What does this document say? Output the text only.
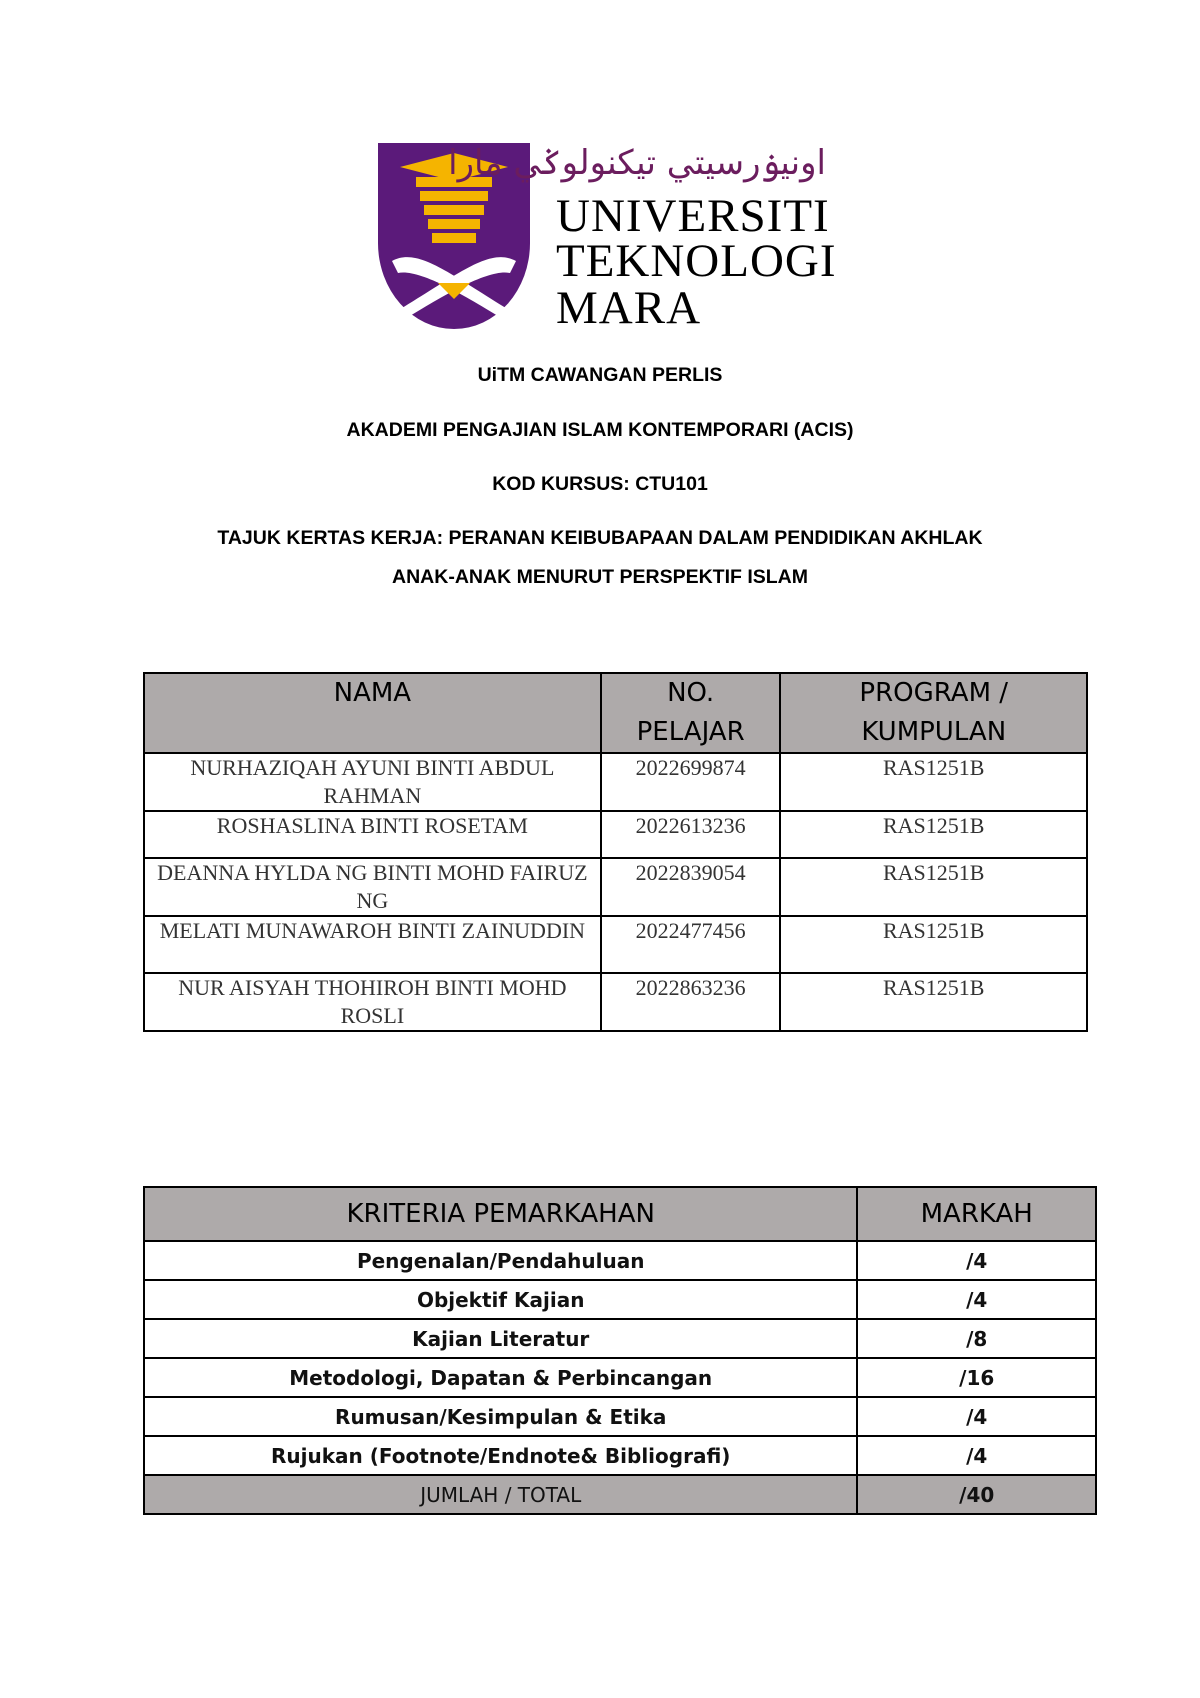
اونيۏرسيتي تيکنولوݢي مارا
UNIVERSITI
TEKNOLOGI
MARA
UiTM CAWANGAN PERLIS
AKADEMI PENGAJIAN ISLAM KONTEMPORARI (ACIS)
KOD KURSUS: CTU101
TAJUK KERTAS KERJA: PERANAN KEIBUBAPAAN DALAM PENDIDIKAN AKHLAK
ANAK-ANAK MENURUT PERSPEKTIF ISLAM
NAMA	NO. PELAJAR	PROGRAM / KUMPULAN

NURHAZIQAH AYUNI BINTI ABDUL RAHMAN	2022699874	RAS1251B
ROSHASLINA BINTI ROSETAM	2022613236	RAS1251B
DEANNA HYLDA NG BINTI MOHD FAIRUZ NG	2022839054	RAS1251B
MELATI MUNAWAROH BINTI ZAINUDDIN	2022477456	RAS1251B
NUR AISYAH THOHIROH BINTI MOHD ROSLI	2022863236	RAS1251B
KRITERIA PEMARKAHAN	MARKAH
Pengenalan/Pendahuluan	/4
Objektif Kajian	/4
Kajian Literatur	/8
Metodologi, Dapatan & Perbincangan	/16
Rumusan/Kesimpulan & Etika	/4
Rujukan (Footnote/Endnote& Bibliografi)	/4
JUMLAH / TOTAL	/40
